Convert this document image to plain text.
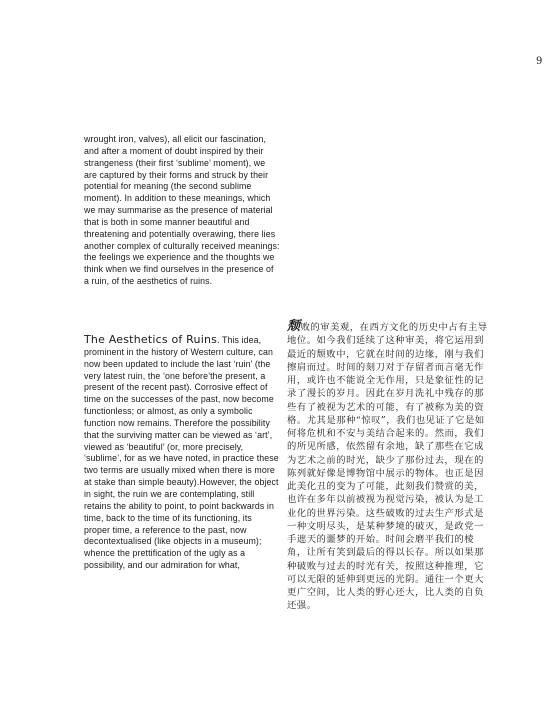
9

wrought iron, valves), all elicit our fascination, and after a moment of doubt inspired by their strangeness (their first ‘sublime’ moment), we are captured by their forms and struck by their potential for meaning (the second sublime moment). In addition to these meanings, which we may summarise as the presence of material that is both in some manner beautiful and threatening and potentially overawing, there lies another complex of culturally received meanings: the feelings we experience and the thoughts we think when we find ourselves in the presence of a ruin, of the aesthetics of ruins.

The Aesthetics of Ruins. This idea, prominent in the history of Western culture, can now been updated to include the last ‘ruin’ (the very latest ruin, the ‘one before’the present, a present of the recent past). Corrosive effect of time on the successes of the past, now become functionless; or almost, as only a symbolic function now remains. Therefore the possibility that the surviving matter can be viewed as ‘art’, viewed as ‘beautiful’ (or, more precisely, ‘sublime’, for as we have noted, in practice these two terms are usually mixed when there is more at stake than simple beauty).However, the object in sight, the ruin we are contemplating, still retains the ability to point, to point backwards in time, back to the time of its functioning, its proper time, a reference to the past, now decontextualised (like objects in a museum); whence the prettification of the ugly as a possibility, and our admiration for what,

颓败的审美观，在西方文化的历史中占有主导地位。如今我们延续了这种审美，将它运用到最近的颓败中，它就在时间的边缘，刚与我们擦肩而过。时间的刻刀对于存留者而言毫无作用，或许也不能说全无作用，只是象征性的记录了漫长的岁月。因此在岁月洗礼中残存的那些有了被视为艺术的可能，有了被称为美的资格。尤其是那种“惊叹”，我们也见证了它是如何将危机和不安与美结合起来的。然而，我们的所见所感，依然留有余地，缺了那些在它成为艺术之前的时光，缺少了那份过去，现在的陈列就好像是博物馆中展示的物体。也正是因此美化丑的变为了可能，此刻我们赞赏的美，也许在多年以前被视为视觉污染，被认为是工业化的世界污染。这些破败的过去生产形式是一种文明尽头，是某种梦境的破灭，是政党一手遮天的噩梦的开始。时间会磨平我们的棱角，让所有笑到最后的得以长存。所以如果那种破败与过去的时光有关，按照这种推理，它可以无限的延伸到更远的光阴。通往一个更大更广空间，比人类的野心还大，比人类的自负还强。
